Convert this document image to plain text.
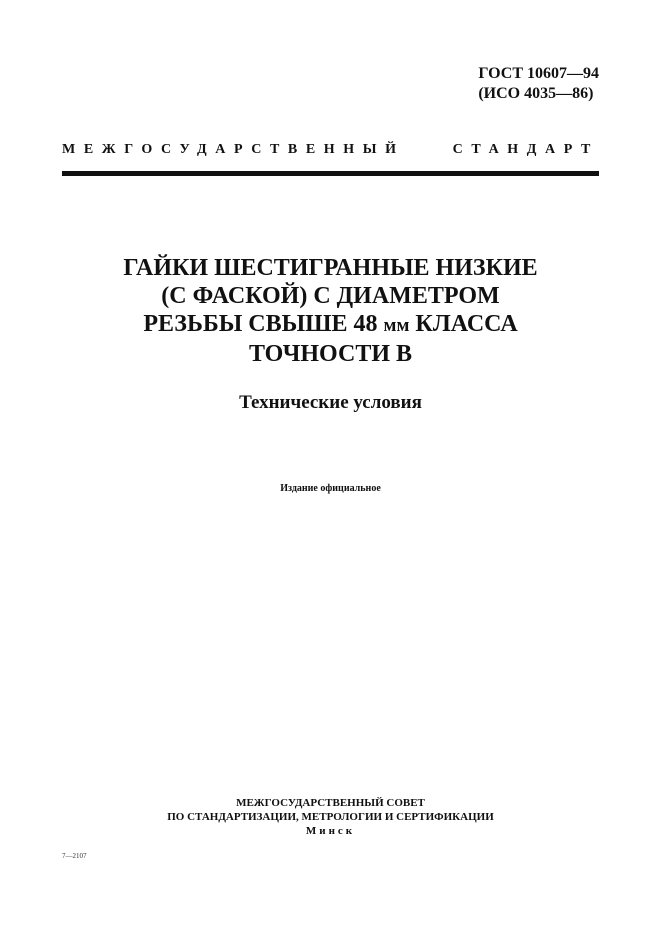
ГОСТ 10607—94
(ИСО 4035—86)
МЕЖГОСУДАРСТВЕННЫЙ	СТАНДАРТ
ГАЙКИ ШЕСТИГРАННЫЕ НИЗКИЕ
(С ФАСКОЙ) С ДИАМЕТРОМ
РЕЗЬБЫ СВЫШЕ 48 мм КЛАССА
ТОЧНОСТИ В
Технические условия
Издание официальное
МЕЖГОСУДАРСТВЕННЫЙ СОВЕТ
ПО СТАНДАРТИЗАЦИИ, МЕТРОЛОГИИ И СЕРТИФИКАЦИИ
Минск
7—2107
